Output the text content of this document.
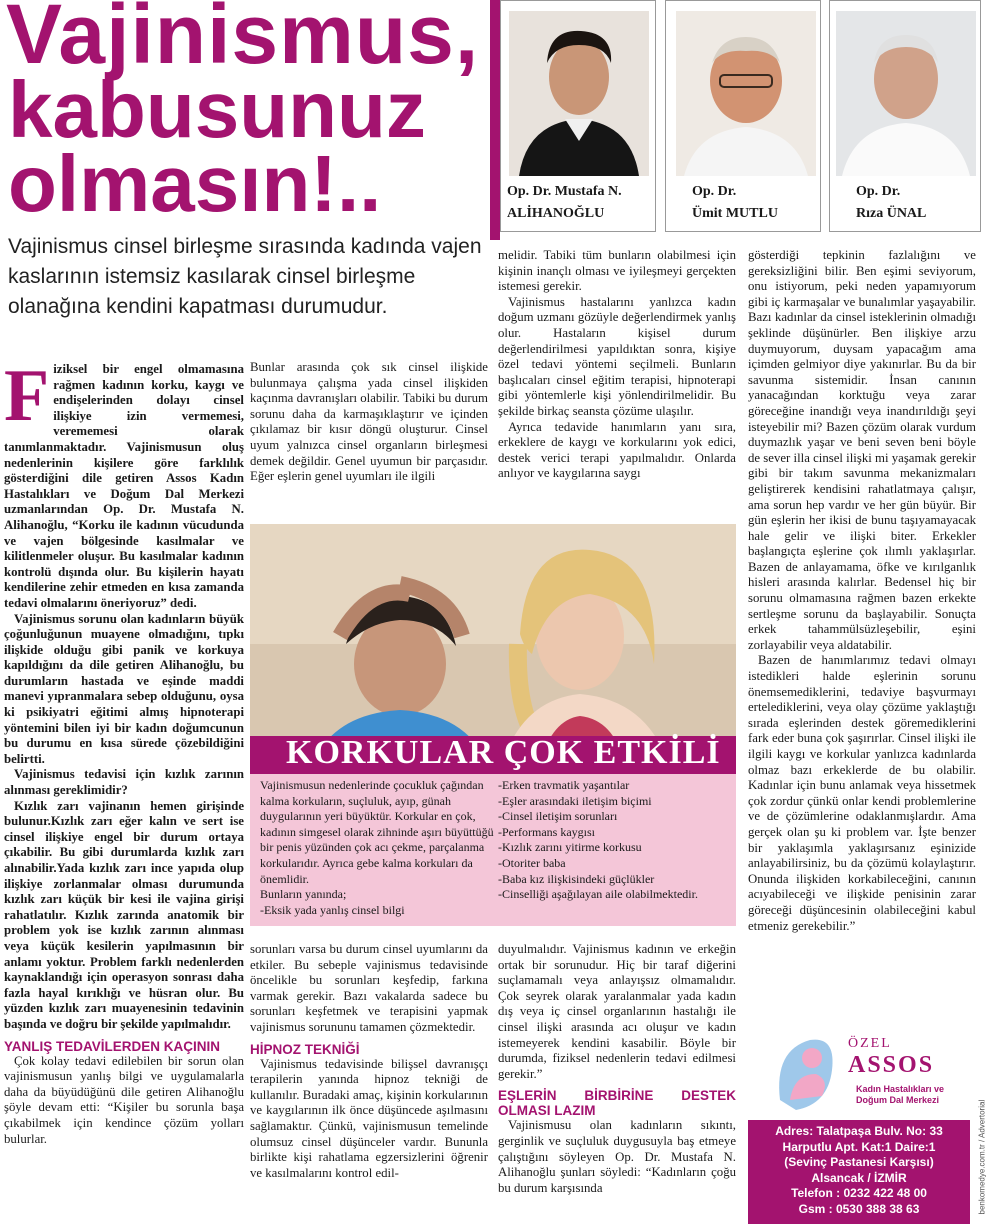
Vajinismus,
kabusunuz
olmasın!..	Op. Dr. Mustafa N.
ALİHANOĞLU
Op. Dr.
Ümit MUTLU
Op. Dr.
Rıza ÜNAL
Vajinismus cinsel birleşme sırasında kadında vajen kaslarının istemsiz kasılarak cinsel birleşme olanağına kendini kapatması durumudur.
F iziksel bir engel olmamasına rağmen kadının korku, kaygı ve endişelerinden dolayı cinsel ilişkiye izin vermemesi, verememesi olarak tanımlanmaktadır. Vajinismusun oluş nedenlerinin kişilere göre farklılık gösterdiğini dile getiren Assos Kadın Hastalıkları ve Doğum Dal Merkezi uzmanlarından Op. Dr. Mustafa N. Alihanoğlu, “Korku ile kadının vücudunda ve vajen bölgesinde kasılmalar ve kilitlenmeler oluşur. Bu kasılmalar kadının kontrolü dışında olur. Bu kişilerin hayatı kendilerine zehir etmeden en kısa zamanda tedavi olmalarını öneriyoruz” dedi.

Vajinismus sorunu olan kadınların büyük çoğunluğunun muayene olmadığını, tıpkı ilişkide olduğu gibi panik ve korkuya kapıldığını da dile getiren Alihanoğlu, bu durumların hastada ve eşinde maddi manevi yıpranmalara sebep olduğunu, oysa ki psikiyatri eğitimi almış hipnoterapi yöntemini bilen iyi bir kadın doğumcunun bu durumu en kısa sürede çözebildiğini belirtti.

Vajinismus tedavisi için kızlık zarının alınması gereklimidir?

Kızlık zarı vajinanın hemen girişinde bulunur.Kızlık zarı eğer kalın ve sert ise cinsel ilişkiye engel bir durum ortaya çıkabilir. Bu gibi durumlarda kızlık zarı alınabilir.Yada kızlık zarı ince yapıda olup ilişkiye zorlanmalar olması durumunda kızlık zarı küçük bir kesi ile vajina girişi rahatlatılır. Kızlık zarında anatomik bir problem yok ise kızlık zarının alınması veya küçük kesilerin yapılmasının bir anlamı yoktur. Problem farklı nedenlerden kaynaklandığı için operasyon sonrası daha fazla hayal kırıklığı ve hüsran olur. Bu yüzden kızlık zarı muayenesinin tedavinin başında ve doğru bir şekilde yapılmalıdır.

YANLIŞ TEDAVİLERDEN KAÇININ

Çok kolay tedavi edilebilen bir sorun olan vajinismusun yanlış bilgi ve uygulamalarla daha da büyüdüğünü dile getiren Alihanoğlu şöyle devam etti: “Kişiler bu sorunla başa çıkabilmek için kendince çözüm yolları bulurlar.

Bunlar arasında çok sık cinsel ilişkide bulunmaya çalışma yada cinsel ilişkiden kaçınma davranışları olabilir. Tabiki bu durum sorunu daha da karmaşıklaştırır ve içinden çıkılamaz bir kısır döngü oluşturur. Cinsel uyum yalnızca cinsel organların birleşmesi demek değildir. Genel uyumun bir parçasıdır. Eğer eşlerin genel uyumları ile ilgili

melidir. Tabiki tüm bunların olabilmesi için kişinin inançlı olması ve iyileşmeyi gerçekten istemesi gerekir.

Vajinismus hastalarını yanlızca kadın doğum uzmanı gözüyle değerlendirmek yanlış olur. Hastaların kişisel durum değerlendirilmesi yapıldıktan sonra, kişiye özel tedavi yöntemi seçilmeli. Bunların başlıcaları cinsel eğitim terapisi, hipnoterapi gibi yöntemlerle kişi yönlendirilmelidir. Bu şekilde birkaç seansta çözüme ulaşılır.

Ayrıca tedavide hanımların yanı sıra, erkeklere de kaygı ve korkularını yok edici, destek verici terapi yapılmalıdır. Onlarda anlıyor ve kaygılarına saygı

gösterdiği tepkinin fazlalığını ve gereksizliğini bilir. Ben eşimi seviyorum, onu istiyorum, peki neden yapamıyorum gibi iç karmaşalar ve bunalımlar yaşayabilir. Bazı kadınlar da cinsel isteklerinin olmadığı şeklinde düşünürler. Ben ilişkiye arzu duymuyorum, duysam yapacağım ama içimden gelmiyor diye yakınırlar. Bu da bir savunma sistemidir. İnsan canının yanacağından korktuğu veya zarar göreceğine inandığı veya inandırıldığı şeyi isteyebilir mi? Bazen çözüm olarak vurdum duymazlık yaşar ve beni seven beni böyle de sever illa cinsel ilişki mi yaşamak gerekir gibi bir takım savunma mekanizmaları geliştirerek kendisini rahatlatmaya çalışır, ama sorun hep vardır ve her gün büyür. Bir gün eşlerin her ikisi de bunu taşıyamayacak hale gelir ve ilişki biter. Erkekler başlangıçta eşlerine çok ılımlı yaklaşırlar. Bazen de anlayamama, öfke ve kırılganlık hisleri arasında kalırlar. Bedensel hiç bir sorunu olmamasına rağmen bazen erkekte sertleşme sorunu da başlayabilir. Sonuçta erkek tahammülsüzleşebilir, eşini zorlayabilir veya aldatabilir.

Bazen de hanımlarımız tedavi olmayı istedikleri halde eşlerinin sorunu önemsemediklerini, tedaviye başvurmayı ertelediklerini, veya olay çözüme yaklaştığı sırada eşlerinden destek göremediklerini fark eder buna çok şaşırırlar. Cinsel ilişki ile ilgili kaygı ve korkular yanlızca kadınlarda olmaz bazı erkeklerde de bu olabilir. Kadınlar için bunu anlamak veya hissetmek çok zordur çünkü onlar kendi problemlerine ve de çözümlerine odaklanmışlardır. Ama gerçek olan şu ki problem var. İşte benzer bir yaklaşımla yaklaşırsanız eşinizide anlayabilirsiniz, bu da çözümü kolaylaştırır. Onunda ilişkiden korkabileceğini, canının acıyabileceği ve ilişkide penisinin zarar göreceği düşüncesinin olabileceğini kabul etmeniz gerekebilir.”

KORKULAR ÇOK ETKİLİ
Vajinismusun nedenlerinde çocukluk çağından kalma korkuların, suçluluk, ayıp, günah duygularının yeri büyüktür. Korkular en çok, kadının simgesel olarak zihninde aşırı büyüttüğü bir penis yüzünden çok acı çekme, parçalanma korkularıdır. Ayrıca gebe kalma korkuları da önemlidir.
Bunların yanında;
-Eksik yada yanlış cinsel bilgi
-Erken travmatik yaşantılar
-Eşler arasındaki iletişim biçimi
-Cinsel iletişim sorunları
-Performans kaygısı
-Kızlık zarını yitirme korkusu
-Otoriter baba
-Baba kız ilişkisindeki güçlükler
-Cinselliği aşağılayan aile olabilmektedir.

sorunları varsa bu durum cinsel uyumlarını da etkiler. Bu sebeple vajinismus tedavisinde öncelikle bu sorunları keşfedip, farkına varmak gerekir. Bazı vakalarda sadece bu sorunları keşfetmek ve terapisini yapmak vajinismus sorununu tamamen çözmektedir.

HİPNOZ TEKNİĞİ

Vajinismus tedavisinde bilişsel davranışçı terapilerin yanında hipnoz tekniği de kullanılır. Buradaki amaç, kişinin korkularının ve kaygılarının ilk önce düşüncede aşılmasını sağlamaktır. Çünkü, vajinismusun temelinde olumsuz cinsel düşünceler vardır. Bununla birlikte kişi rahatlama egzersizlerini öğrenir ve kasılmalarını kontrol edil-

duyulmalıdır. Vajinismus kadının ve erkeğin ortak bir sorunudur. Hiç bir taraf diğerini suçlamamalı veya anlayışsız olmamalıdır. Çok seyrek olarak yaralanmalar yada kadın dış veya iç cinsel organlarının hastalığı ile cinsel ilişki arasında acı oluşur ve kadın istemeyerek kendini kasabilir. Böyle bir durumda, fiziksel nedenlerin tedavi edilmesi gerekir.”

EŞLERİN BİRBİRİNE DESTEK OLMASI LAZIM

Vajinismusu olan kadınların sıkıntı, gerginlik ve suçluluk duygusuyla baş etmeye çalıştığını söyleyen Op. Dr. Mustafa N. Alihanoğlu şunları söyledi: “Kadınların çoğu bu durum karşısında

ÖZEL
ASSOS
Kadın Hastalıkları ve
Doğum Dal Merkezi
Adres: Talatpaşa Bulv. No: 33
Harputlu Apt. Kat:1 Daire:1
(Sevinç Pastanesi Karşısı)
Alsancak / İZMİR
Telefon : 0232 422 48 00
Gsm : 0530 388 38 63	benkomedye.com.tr / Advertorial
